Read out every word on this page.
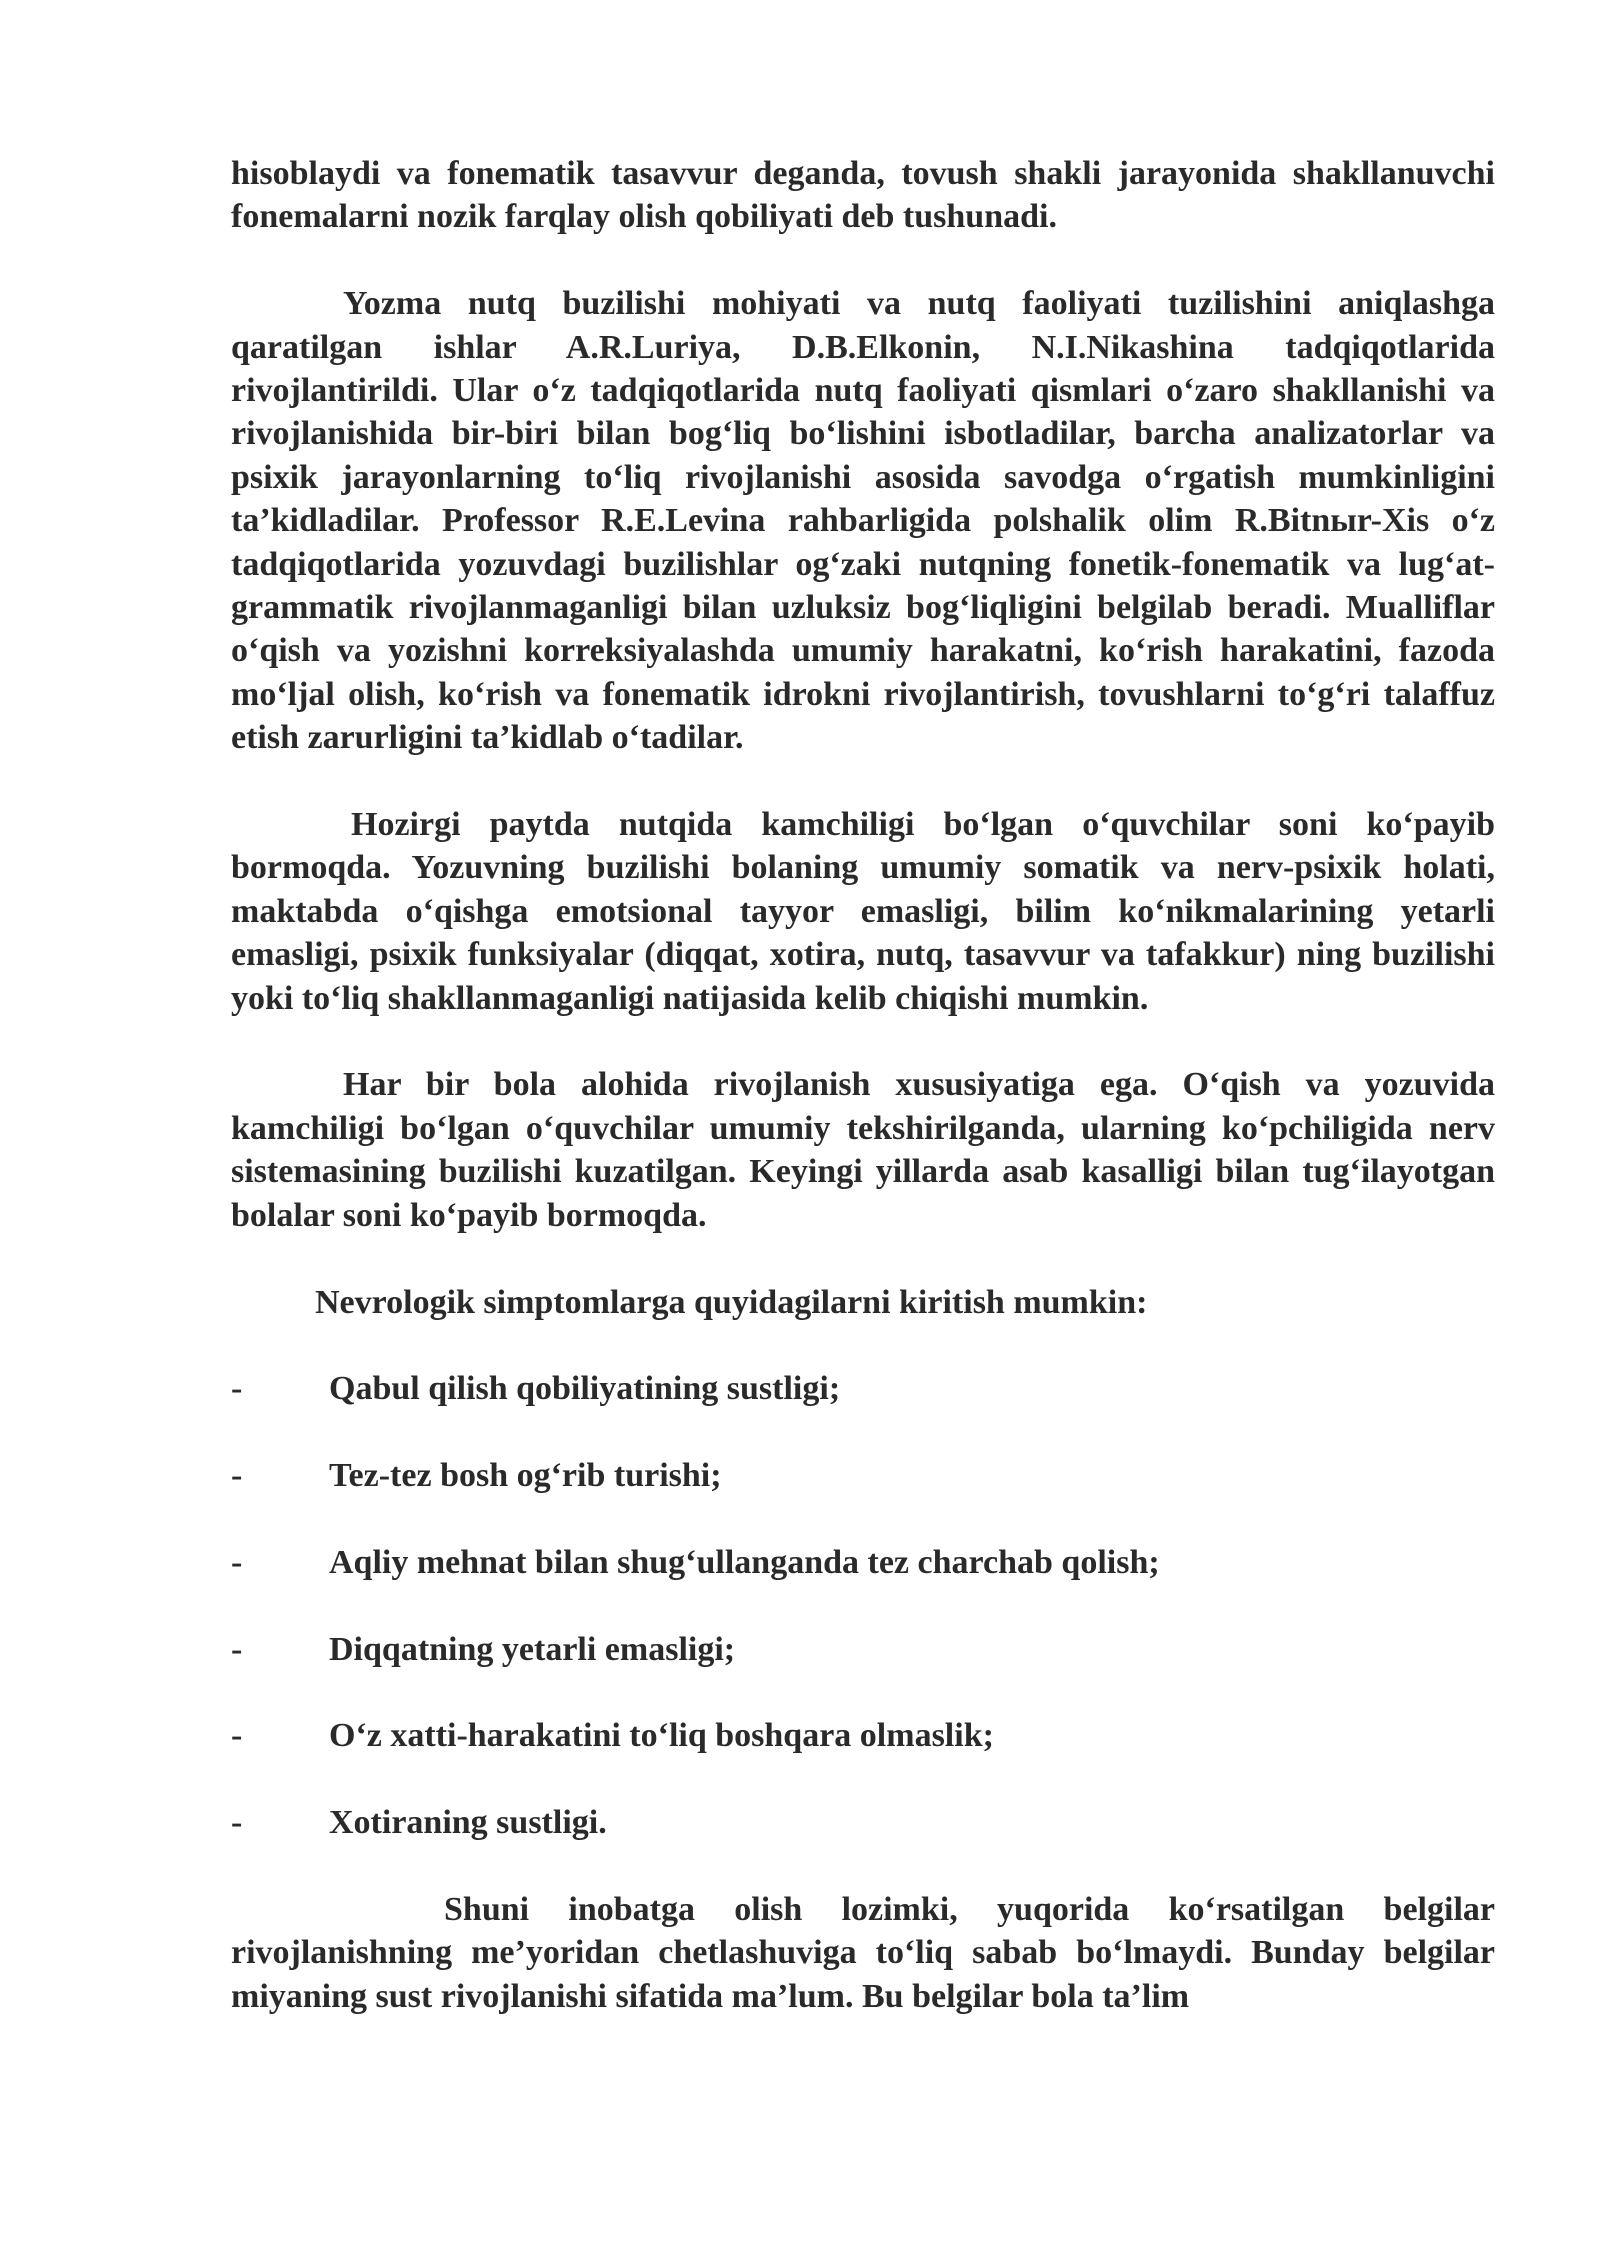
hisoblaydi va fonematik tasavvur deganda, tovush shakli jarayonida shakllanuvchi fonemalarni nozik farqlay olish qobiliyati deb tushunadi.

Yozma nutq buzilishi mohiyati va nutq faoliyati tuzilishini aniqlashga qaratilgan ishlar A.R.Luriya, D.B.Elkonin, N.I.Nikashina tadqiqotlarida rivojlantirildi. Ular o‘z tadqiqotlarida nutq faoliyati qismlari o‘zaro shakllanishi va rivojlanishida bir-biri bilan bog‘liq bo‘lishini isbotladilar, barcha analizatorlar va psixik jarayonlarning to‘liq rivojlanishi asosida savodga o‘rgatish mumkinligini ta’kidladilar. Professor R.E.Levina rahbarligida polshalik olim R.Bitnыr-Xis o‘z tadqiqotlarida yozuvdagi buzilishlar og‘zaki nutqning fonetik-fonematik va lug‘at-grammatik rivojlanmaganligi bilan uzluksiz bog‘liqligini belgilab beradi. Mualliflar o‘qish va yozishni korreksiyalashda umumiy harakatni, ko‘rish harakatini, fazoda mo‘ljal olish, ko‘rish va fonematik idrokni rivojlantirish, tovushlarni to‘g‘ri talaffuz etish zarurligini ta’kidlab o‘tadilar.

Hozirgi paytda nutqida kamchiligi bo‘lgan o‘quvchilar soni ko‘payib bormoqda. Yozuvning buzilishi bolaning umumiy somatik va nerv-psixik holati, maktabda o‘qishga emotsional tayyor emasligi, bilim ko‘nikmalarining yetarli emasligi, psixik funksiyalar (diqqat, xotira, nutq, tasavvur va tafakkur) ning buzilishi yoki to‘liq shakllanmaganligi natijasida kelib chiqishi mumkin.

Har bir bola alohida rivojlanish xususiyatiga ega. O‘qish va yozuvida kamchiligi bo‘lgan o‘quvchilar umumiy tekshirilganda, ularning ko‘pchiligida nerv sistemasining buzilishi kuzatilgan. Keyingi yillarda asab kasalligi bilan tug‘ilayotgan bolalar soni ko‘payib bormoqda.

Nevrologik simptomlarga quyidagilarni kiritish mumkin:

-	Qabul qilish qobiliyatining sustligi;
-	Tez-tez bosh og‘rib turishi;
-	Aqliy mehnat bilan shug‘ullanganda tez charchab qolish;
-	Diqqatning yetarli emasligi;
-	O‘z xatti-harakatini to‘liq boshqara olmaslik;
-	Xotiraning sustligi.

Shuni inobatga olish lozimki, yuqorida ko‘rsatilgan belgilar rivojlanishning me’yoridan chetlashuviga to‘liq sabab bo‘lmaydi. Bunday belgilar miyaning sust rivojlanishi sifatida ma’lum. Bu belgilar bola ta’lim
